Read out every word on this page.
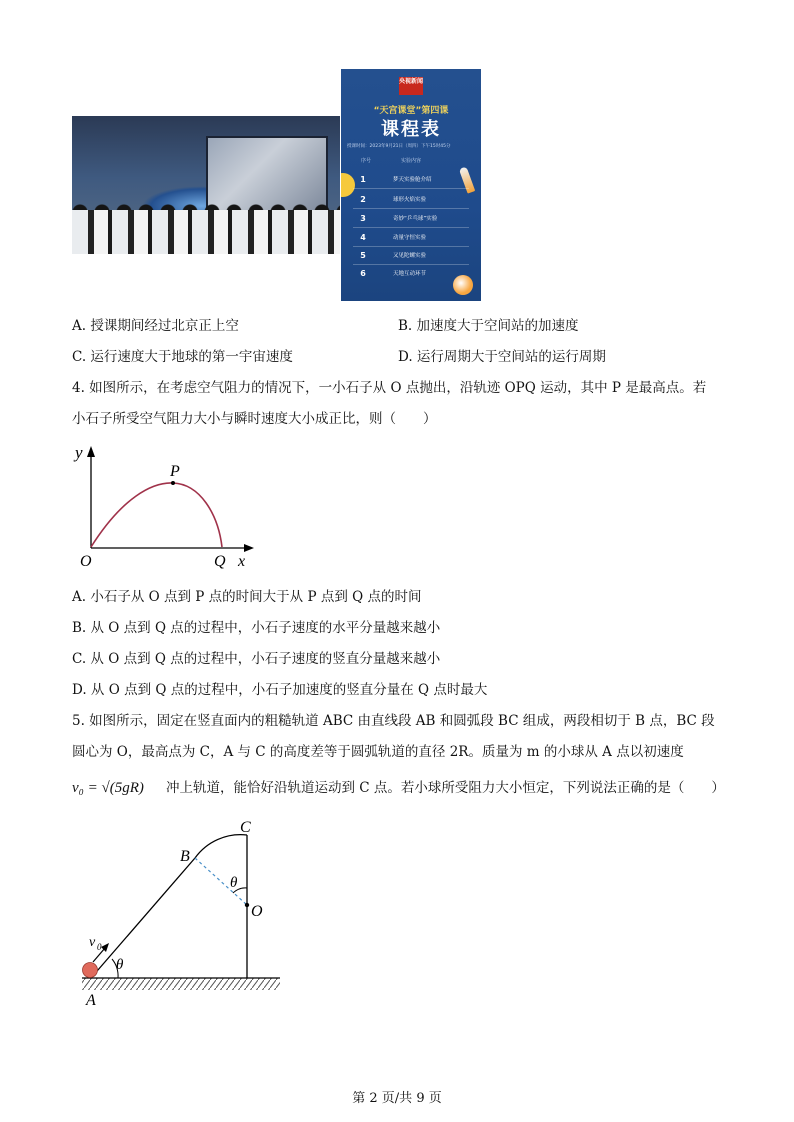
央视新闻
“天宫课堂”第四课
课程表
授课时间：2023年9月21日（周四）下午15时45分
序号	实验内容
1	梦天实验舱介绍
2	球形火焰实验
3	奇妙“乒乓球”实验
4	动量守恒实验
5	又见陀螺实验
6	天地互动环节
A. 授课期间经过北京正上空	B. 加速度大于空间站的加速度
C. 运行速度大于地球的第一宇宙速度	D. 运行周期大于空间站的运行周期
4. 如图所示，在考虑空气阻力的情况下，一小石子从 O 点抛出，沿轨迹 OPQ 运动，其中 P 是最高点。若
小石子所受空气阻力大小与瞬时速度大小成正比，则（　　）
y
P
O	Q x
A. 小石子从 O 点到 P 点的时间大于从 P 点到 Q 点的时间
B. 从 O 点到 Q 点的过程中，小石子速度的水平分量越来越小
C. 从 O 点到 Q 点的过程中，小石子速度的竖直分量越来越小
D. 从 O 点到 Q 点的过程中，小石子加速度的竖直分量在 Q 点时最大
5. 如图所示，固定在竖直面内的粗糙轨道 ABC 由直线段 AB 和圆弧段 BC 组成，两段相切于 B 点，BC 段
圆心为 O，最高点为 C，A 与 C 的高度差等于圆弧轨道的直径 2R。质量为 m 的小球从 A 点以初速度
v₀ = √(5gR) 冲上轨道，能恰好沿轨道运动到 C 点。若小球所受阻力大小恒定，下列说法正确的是（　　）
C
B
θ
O
v 0
θ
A
第 2 页/共 9 页
